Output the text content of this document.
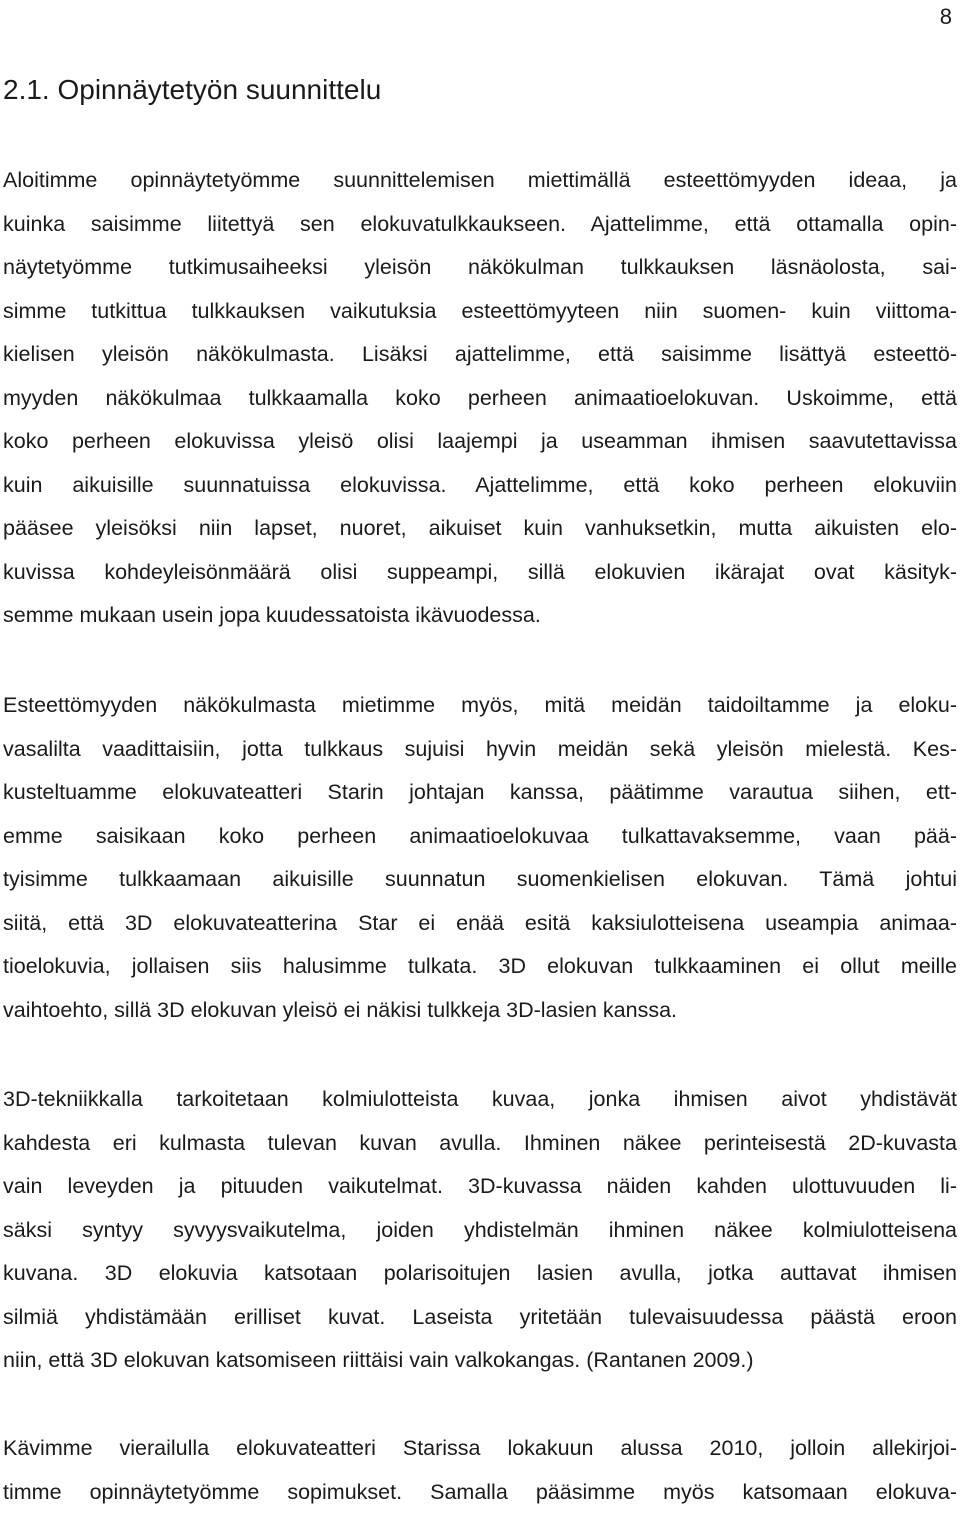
8
2.1. Opinnäytetyön suunnittelu
Aloitimme opinnäytetyömme suunnittelemisen miettimällä esteettömyyden ideaa, ja
kuinka saisimme liitettyä sen elokuvatulkkaukseen. Ajattelimme, että ottamalla opin-
näytetyömme tutkimusaiheeksi yleisön näkökulman tulkkauksen läsnäolosta, sai-
simme tutkittua tulkkauksen vaikutuksia esteettömyyteen niin suomen- kuin viittoma-
kielisen yleisön näkökulmasta. Lisäksi ajattelimme, että saisimme lisättyä esteettö-
myyden näkökulmaa tulkkaamalla koko perheen animaatioelokuvan. Uskoimme, että
koko perheen elokuvissa yleisö olisi laajempi ja useamman ihmisen saavutettavissa
kuin aikuisille suunnatuissa elokuvissa. Ajattelimme, että koko perheen elokuviin
pääsee yleisöksi niin lapset, nuoret, aikuiset kuin vanhuksetkin, mutta aikuisten elo-
kuvissa kohdeyleisönmäärä olisi suppeampi, sillä elokuvien ikärajat ovat käsityk-
semme mukaan usein jopa kuudessatoista ikävuodessa.
Esteettömyyden näkökulmasta mietimme myös, mitä meidän taidoiltamme ja eloku-
vasalilta vaadittaisiin, jotta tulkkaus sujuisi hyvin meidän sekä yleisön mielestä. Kes-
kusteltuamme elokuvateatteri Starin johtajan kanssa, päätimme varautua siihen, ett-
emme saisikaan koko perheen animaatioelokuvaa tulkattavaksemme, vaan pää-
tyisimme tulkkaamaan aikuisille suunnatun suomenkielisen elokuvan. Tämä johtui
siitä, että 3D elokuvateatterina Star ei enää esitä kaksiulotteisena useampia animaa-
tioelokuvia, jollaisen siis halusimme tulkata. 3D elokuvan tulkkaaminen ei ollut meille
vaihtoehto, sillä 3D elokuvan yleisö ei näkisi tulkkeja 3D-lasien kanssa.
3D-tekniikkalla tarkoitetaan kolmiulotteista kuvaa, jonka ihmisen aivot yhdistävät
kahdesta eri kulmasta tulevan kuvan avulla. Ihminen näkee perinteisestä 2D-kuvasta
vain leveyden ja pituuden vaikutelmat. 3D-kuvassa näiden kahden ulottuvuuden li-
säksi syntyy syvyysvaikutelma, joiden yhdistelmän ihminen näkee kolmiulotteisena
kuvana. 3D elokuvia katsotaan polarisoitujen lasien avulla, jotka auttavat ihmisen
silmiä yhdistämään erilliset kuvat. Laseista yritetään tulevaisuudessa päästä eroon
niin, että 3D elokuvan katsomiseen riittäisi vain valkokangas. (Rantanen 2009.)
Kävimme vierailulla elokuvateatteri Starissa lokakuun alussa 2010, jolloin allekirjoi-
timme opinnäytetyömme sopimukset. Samalla pääsimme myös katsomaan elokuva-
